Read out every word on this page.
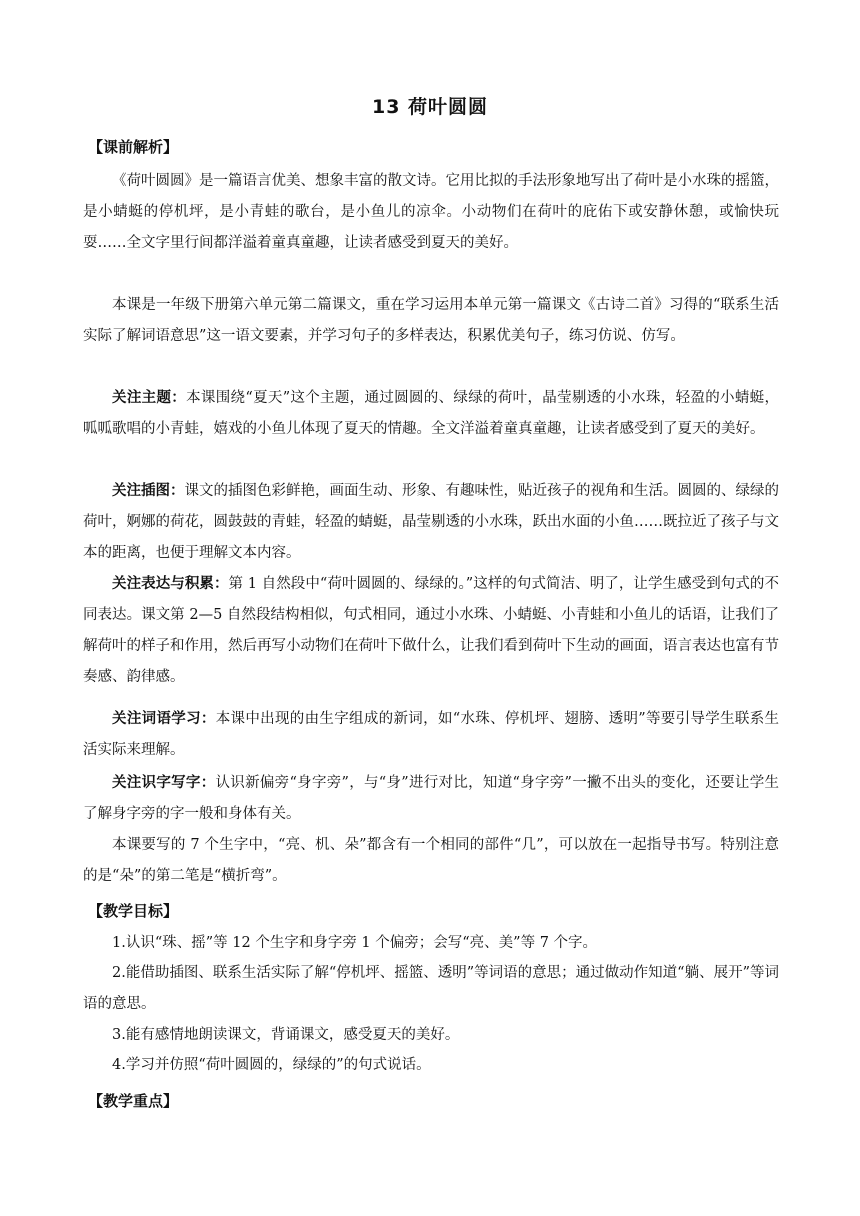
13 荷叶圆圆
【课前解析】

《荷叶圆圆》是一篇语言优美、想象丰富的散文诗。它用比拟的手法形象地写出了荷叶是小水珠的摇篮，是小蜻蜓的停机坪，是小青蛙的歌台，是小鱼儿的凉伞。小动物们在荷叶的庇佑下或安静休憩，或愉快玩耍……全文字里行间都洋溢着童真童趣，让读者感受到夏天的美好。

本课是一年级下册第六单元第二篇课文，重在学习运用本单元第一篇课文《古诗二首》习得的“联系生活实际了解词语意思”这一语文要素，并学习句子的多样表达，积累优美句子，练习仿说、仿写。

关注主题：本课围绕“夏天”这个主题，通过圆圆的、绿绿的荷叶，晶莹剔透的小水珠，轻盈的小蜻蜓，呱呱歌唱的小青蛙，嬉戏的小鱼儿体现了夏天的情趣。全文洋溢着童真童趣，让读者感受到了夏天的美好。

关注插图：课文的插图色彩鲜艳，画面生动、形象、有趣味性，贴近孩子的视角和生活。圆圆的、绿绿的荷叶，婀娜的荷花，圆鼓鼓的青蛙，轻盈的蜻蜓，晶莹剔透的小水珠，跃出水面的小鱼……既拉近了孩子与文本的距离，也便于理解文本内容。

关注表达与积累：第 1 自然段中“荷叶圆圆的、绿绿的。”这样的句式简洁、明了，让学生感受到句式的不同表达。课文第 2—5 自然段结构相似，句式相同，通过小水珠、小蜻蜓、小青蛙和小鱼儿的话语，让我们了解荷叶的样子和作用，然后再写小动物们在荷叶下做什么，让我们看到荷叶下生动的画面，语言表达也富有节奏感、韵律感。

关注词语学习：本课中出现的由生字组成的新词，如“水珠、停机坪、翅膀、透明”等要引导学生联系生活实际来理解。

关注识字写字：认识新偏旁“身字旁”，与“身”进行对比，知道“身字旁”一撇不出头的变化，还要让学生了解身字旁的字一般和身体有关。

本课要写的 7 个生字中，“亮、机、朵”都含有一个相同的部件“几”，可以放在一起指导书写。特别注意的是“朵”的第二笔是“横折弯”。

【教学目标】

1.认识“珠、摇”等 12 个生字和身字旁 1 个偏旁；会写“亮、美”等 7 个字。

2.能借助插图、联系生活实际了解“停机坪、摇篮、透明”等词语的意思；通过做动作知道“躺、展开”等词语的意思。

3.能有感情地朗读课文，背诵课文，感受夏天的美好。

4.学习并仿照“荷叶圆圆的，绿绿的”的句式说话。

【教学重点】
